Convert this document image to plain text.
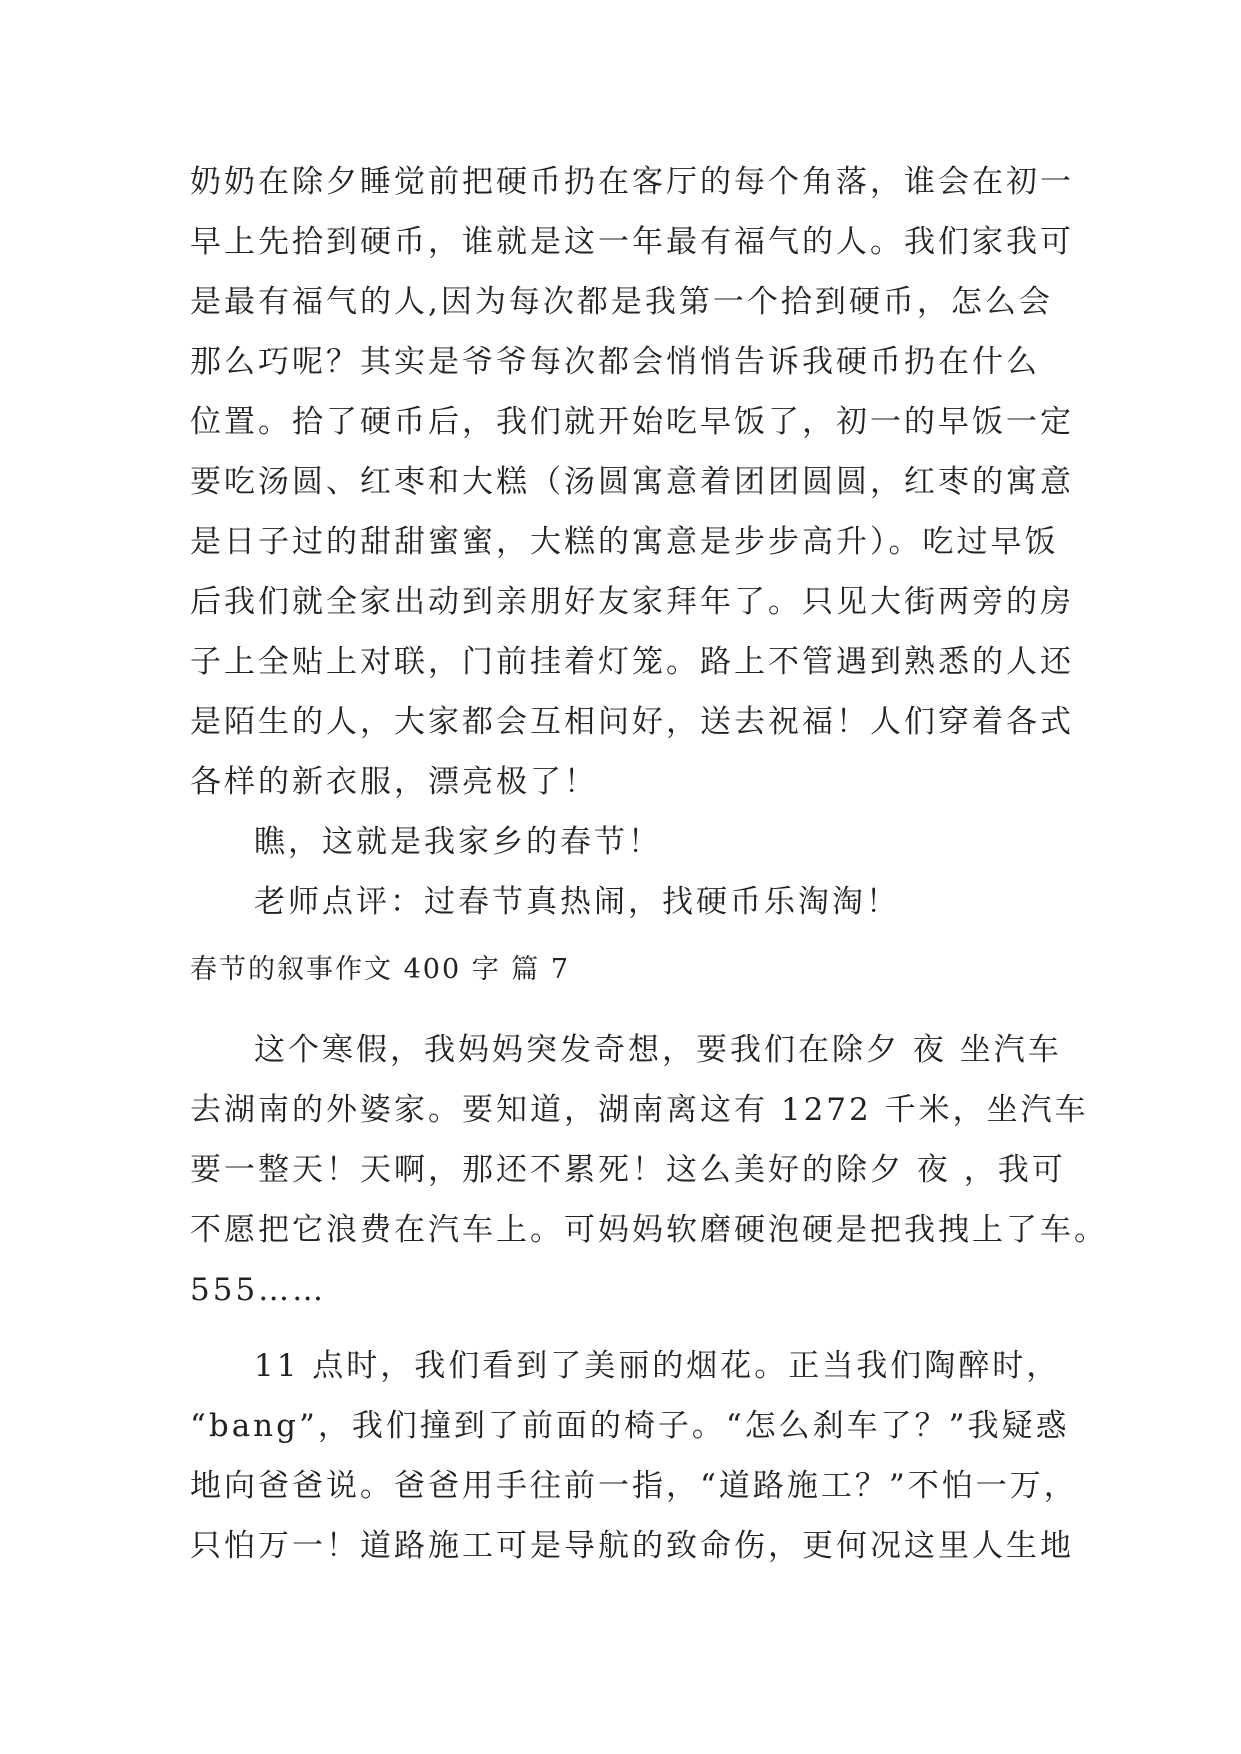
奶奶在除夕睡觉前把硬币扔在客厅的每个角落，谁会在初一
早上先拾到硬币，谁就是这一年最有福气的人。我们家我可
是最有福气的人,因为每次都是我第一个拾到硬币，怎么会
那么巧呢？其实是爷爷每次都会悄悄告诉我硬币扔在什么
位置。拾了硬币后，我们就开始吃早饭了，初一的早饭一定
要吃汤圆、红枣和大糕（汤圆寓意着团团圆圆，红枣的寓意
是日子过的甜甜蜜蜜，大糕的寓意是步步高升）。吃过早饭
后我们就全家出动到亲朋好友家拜年了。只见大街两旁的房
子上全贴上对联，门前挂着灯笼。路上不管遇到熟悉的人还
是陌生的人，大家都会互相问好，送去祝福！人们穿着各式
各样的新衣服，漂亮极了！
瞧，这就是我家乡的春节！
老师点评：过春节真热闹，找硬币乐淘淘！
春节的叙事作文 400 字 篇 7
这个寒假，我妈妈突发奇想，要我们在除夕 夜 坐汽车
去湖南的外婆家。要知道，湖南离这有 1272 千米，坐汽车
要一整天！天啊，那还不累死！这么美好的除夕 夜 ，我可
不愿把它浪费在汽车上。可妈妈软磨硬泡硬是把我拽上了车。
555……
11 点时，我们看到了美丽的烟花。正当我们陶醉时，
“bang”，我们撞到了前面的椅子。“怎么刹车了？”我疑惑
地向爸爸说。爸爸用手往前一指，“道路施工？”不怕一万，
只怕万一！道路施工可是导航的致命伤，更何况这里人生地
